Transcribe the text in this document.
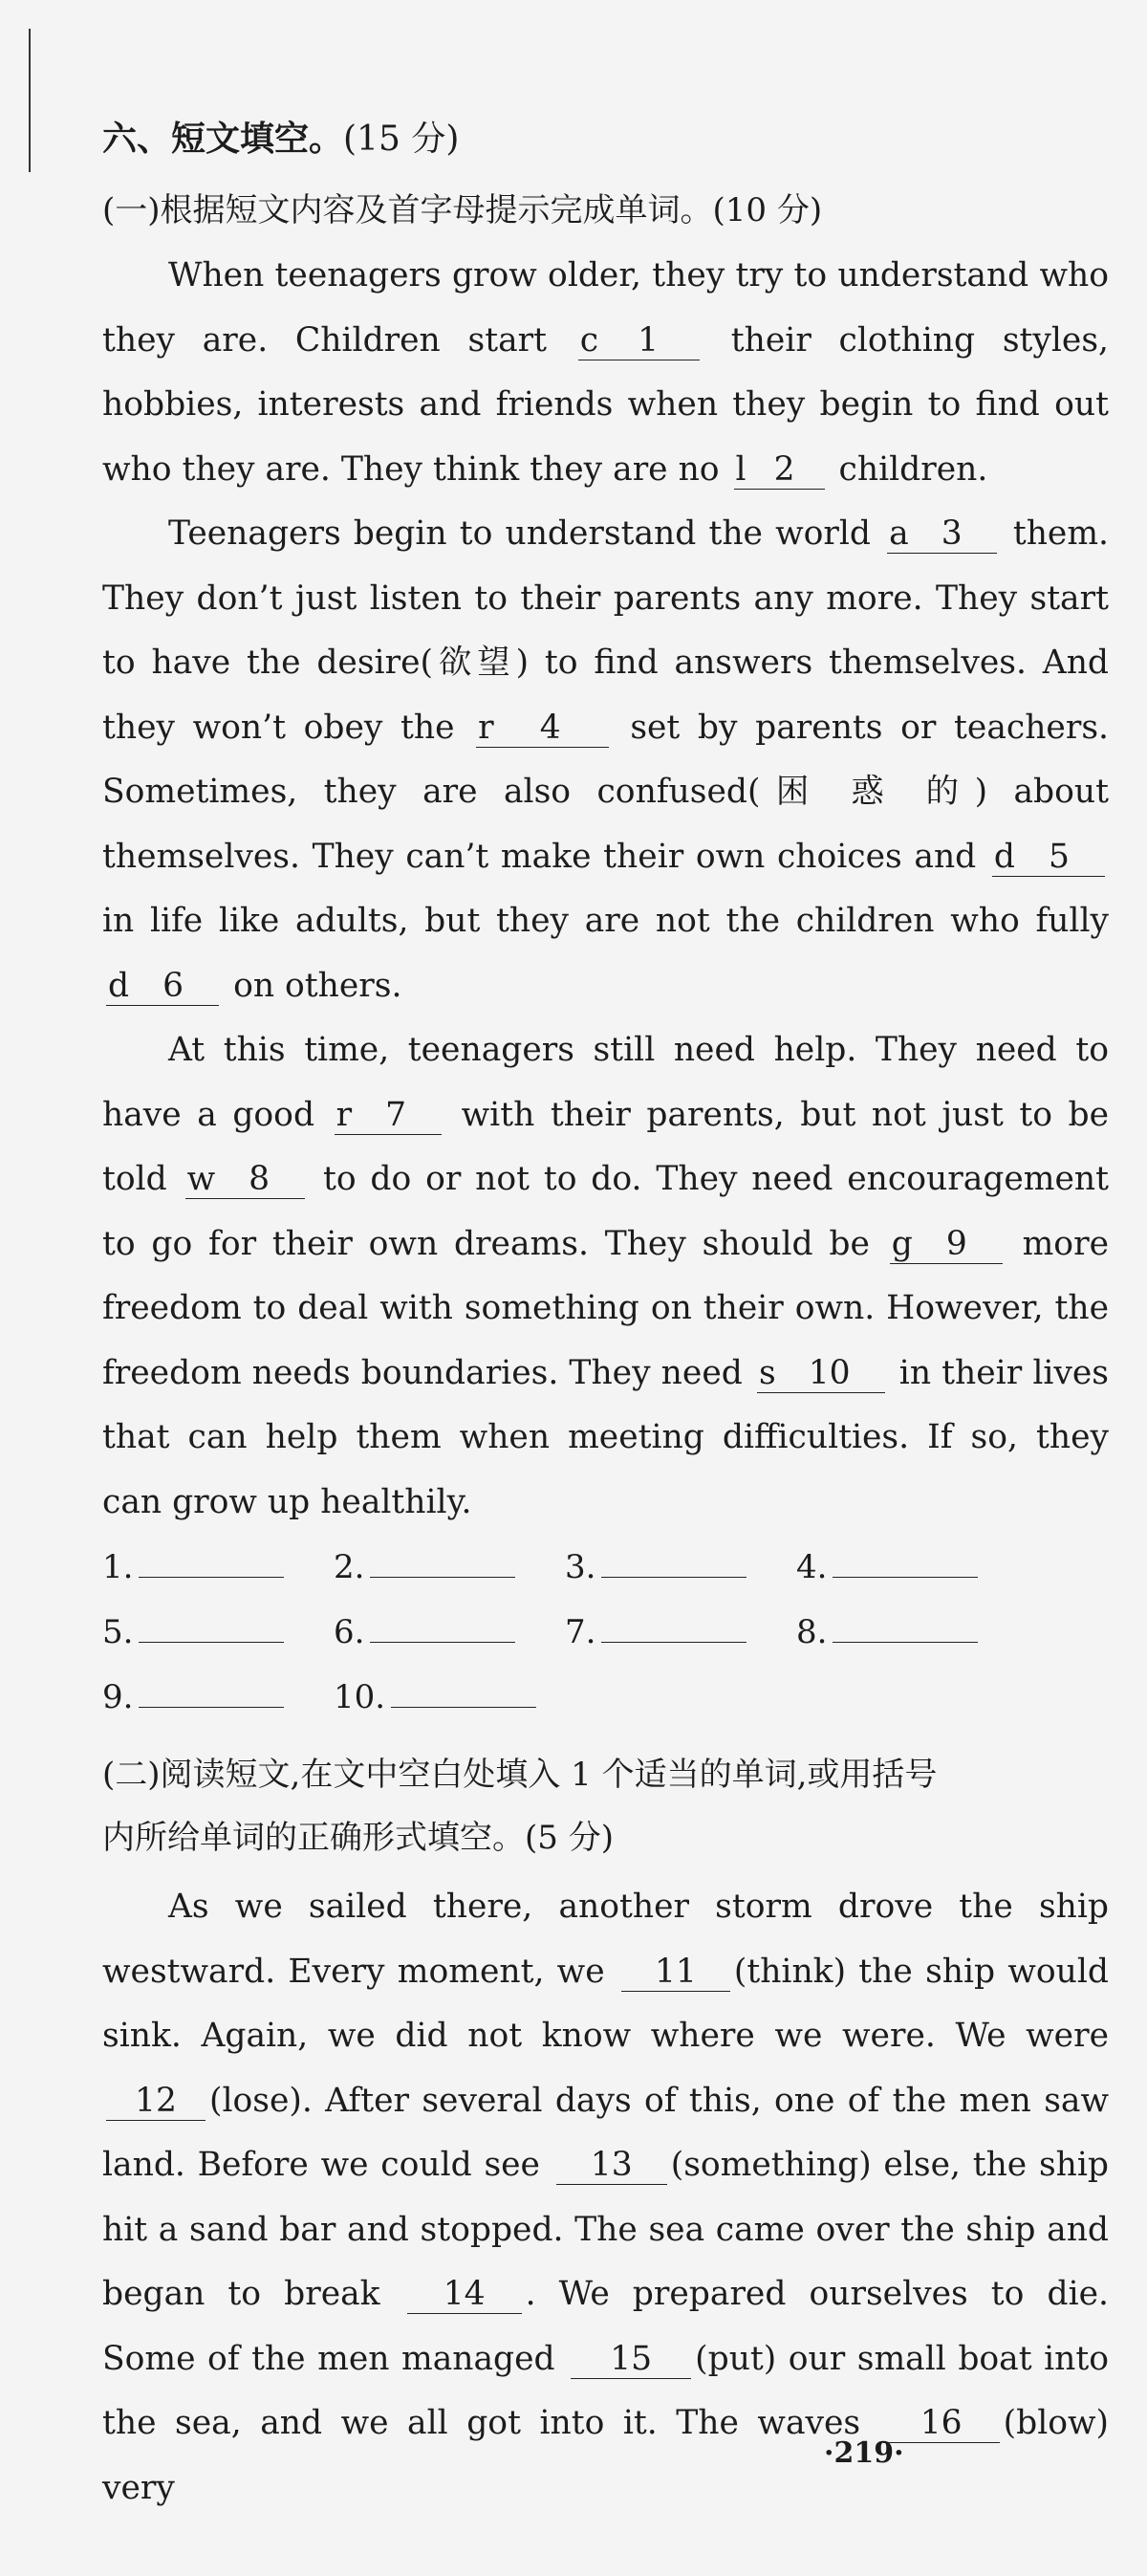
六、短文填空。(15 分)
(一)根据短文内容及首字母提示完成单词。(10 分)

When teenagers grow older, they try to understand who they are. Children start c 1 their clothing styles, hobbies, interests and friends when they begin to find out who they are. They think they are no l 2 children.

Teenagers begin to understand the world a 3 them. They don’t just listen to their parents any more. They start to have the desire(欲望) to find answers themselves. And they won’t obey the r 4 set by parents or teachers. Sometimes, they are also confused(困 惑 的) about themselves. They can’t make their own choices and d 5 in life like adults, but they are not the children who fully d 6 on others.

At this time, teenagers still need help. They need to have a good r 7 with their parents, but not just to be told w 8 to do or not to do. They need encouragement to go for their own dreams. They should be g 9 more freedom to deal with something on their own. However, the freedom needs boundaries. They need s 10 in their lives that can help them when meeting difficulties. If so, they can grow up healthily.

1.	2.	3.	4.
5.	6.	7.	8.
9.	10.
(二)阅读短文,在文中空白处填入 1 个适当的单词,或用括号
内所给单词的正确形式填空。(5 分)

As we sailed there, another storm drove the ship westward. Every moment, we 11 (think) the ship would sink. Again, we did not know where we were. We were 12 (lose). After several days of this, one of the men saw land. Before we could see 13 (something) else, the ship hit a sand bar and stopped. The sea came over the ship and began to break 14 . We prepared ourselves to die. Some of the men managed 15 (put) our small boat into the sea, and we all got into it. The waves 16 (blow) very

·219·
